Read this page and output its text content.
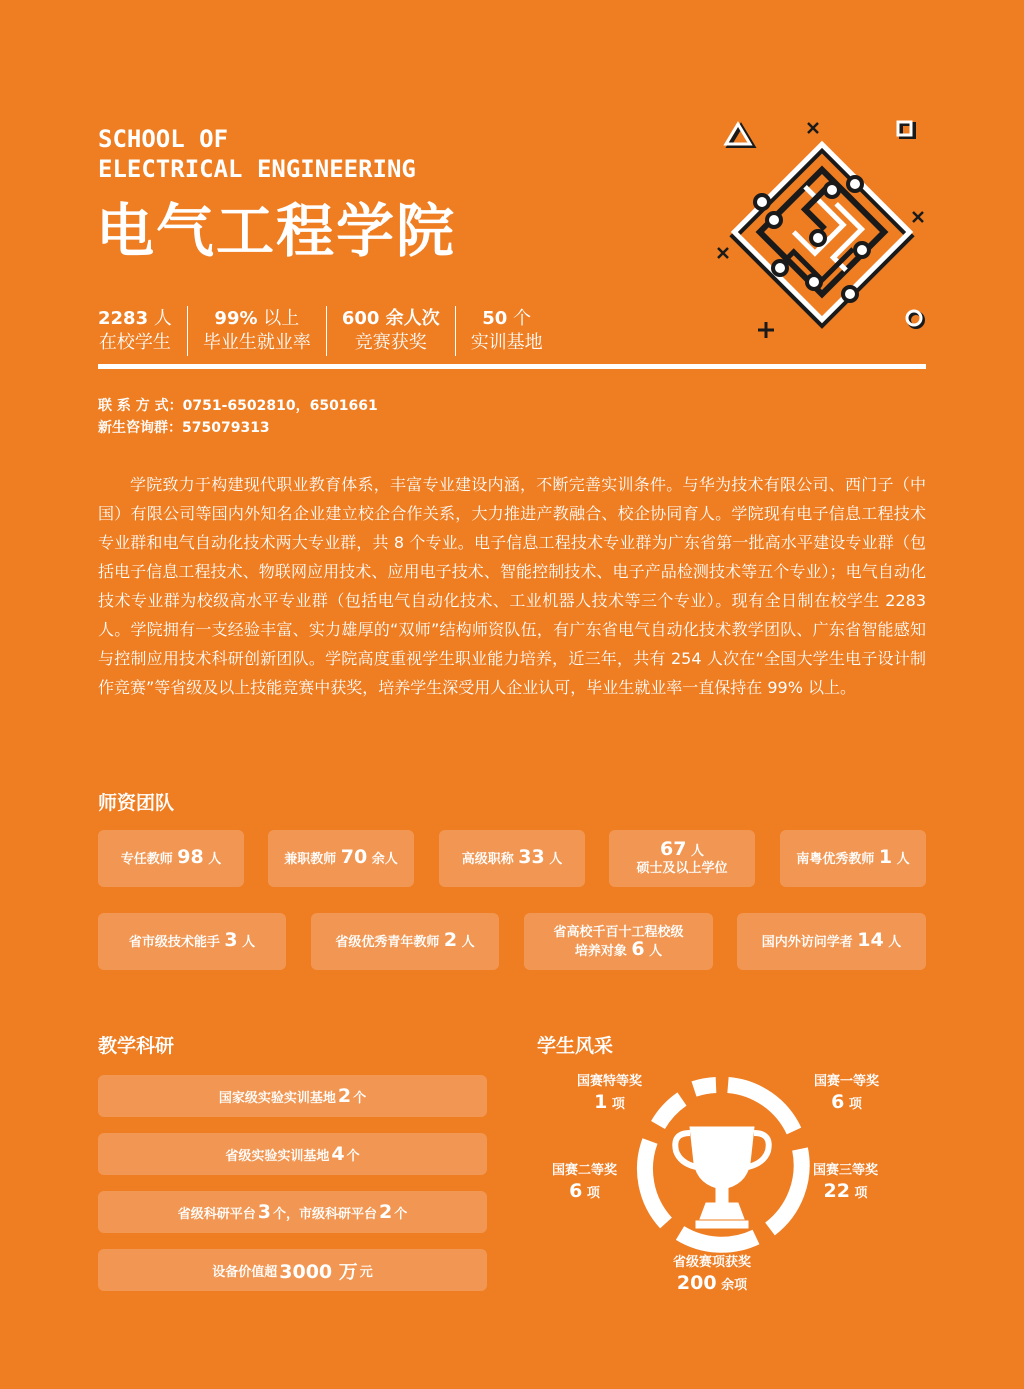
SCHOOL OF
ELECTRICAL ENGINEERING
电气工程学院
2283 人
在校学生
99% 以上
毕业生就业率
600 余人次
竞赛获奖
50 个
实训基地
联 系 方 式：0751-6502810，6501661
新生咨询群：575079313

学院致力于构建现代职业教育体系，丰富专业建设内涵，不断完善实训条件。与华为技术有限公司、西门子（中国）有限公司等国内外知名企业建立校企合作关系，大力推进产教融合、校企协同育人。学院现有电子信息工程技术专业群和电气自动化技术两大专业群，共 8 个专业。电子信息工程技术专业群为广东省第一批高水平建设专业群（包括电子信息工程技术、物联网应用技术、应用电子技术、智能控制技术、电子产品检测技术等五个专业）；电气自动化技术专业群为校级高水平专业群（包括电气自动化技术、工业机器人技术等三个专业）。现有全日制在校学生 2283 人。学院拥有一支经验丰富、实力雄厚的“双师”结构师资队伍，有广东省电气自动化技术教学团队、广东省智能感知与控制应用技术科研创新团队。学院高度重视学生职业能力培养，近三年，共有 254 人次在“全国大学生电子设计制作竞赛”等省级及以上技能竞赛中获奖，培养学生深受用人企业认可，毕业生就业率一直保持在 99% 以上。

师资团队
专任教师 98 人	兼职教师 70 余人	高级职称 33 人	67 人
硕士及以上学位
南粤优秀教师 1 人
省市级技术能手 3 人	省级优秀青年教师 2 人
省高校千百十工程校级
培养对象 6 人
国内外访问学者 14 人
教学科研
国家级实验实训基地 2 个
省级实验实训基地 4 个
省级科研平台 3 个，市级科研平台 2 个
设备价值超 3000 万 元
学生风采
国赛特等奖
1 项
国赛一等奖
6 项
国赛二等奖
6 项
国赛三等奖
22 项
省级赛项获奖
200 余项
